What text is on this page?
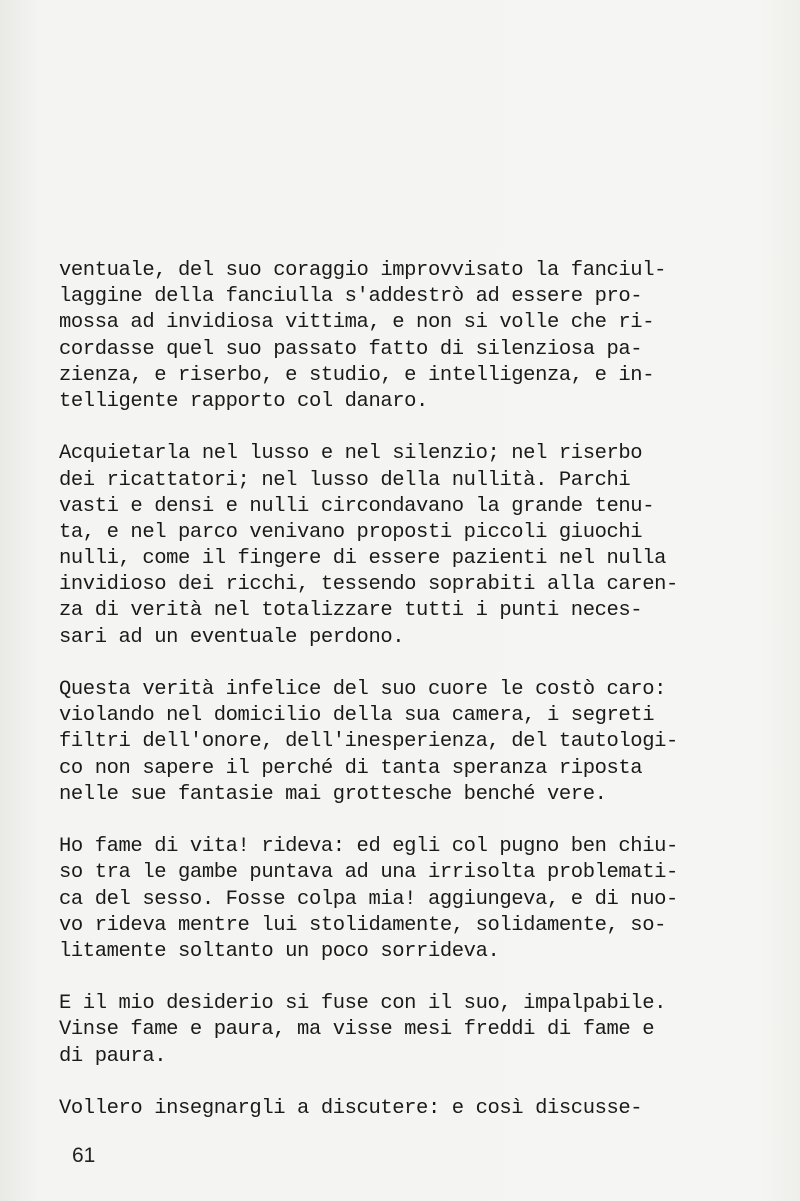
ventuale, del suo coraggio improvvisato la fanciul-
laggine della fanciulla s'addestrò ad essere pro-
mossa ad invidiosa vittima, e non si volle che ri-
cordasse quel suo passato fatto di silenziosa pa-
zienza, e riserbo, e studio, e intelligenza, e in-
telligente rapporto col danaro.
Acquietarla nel lusso e nel silenzio; nel riserbo
dei ricattatori; nel lusso della nullità. Parchi
vasti e densi e nulli circondavano la grande tenu-
ta, e nel parco venivano proposti piccoli giuochi
nulli, come il fingere di essere pazienti nel nulla
invidioso dei ricchi, tessendo soprabiti alla caren-
za di verità nel totalizzare tutti i punti neces-
sari ad un eventuale perdono.
Questa verità infelice del suo cuore le costò caro:
violando nel domicilio della sua camera, i segreti
filtri dell'onore, dell'inesperienza, del tautologi-
co non sapere il perché di tanta speranza riposta
nelle sue fantasie mai grottesche benché vere.
Ho fame di vita! rideva: ed egli col pugno ben chiu-
so tra le gambe puntava ad una irrisolta problemati-
ca del sesso. Fosse colpa mia! aggiungeva, e di nuo-
vo rideva mentre lui stolidamente, solidamente, so-
litamente soltanto un poco sorrideva.
E il mio desiderio si fuse con il suo, impalpabile.
Vinse fame e paura, ma visse mesi freddi di fame e
di paura.
Vollero insegnargli a discutere: e così discusse-
61
